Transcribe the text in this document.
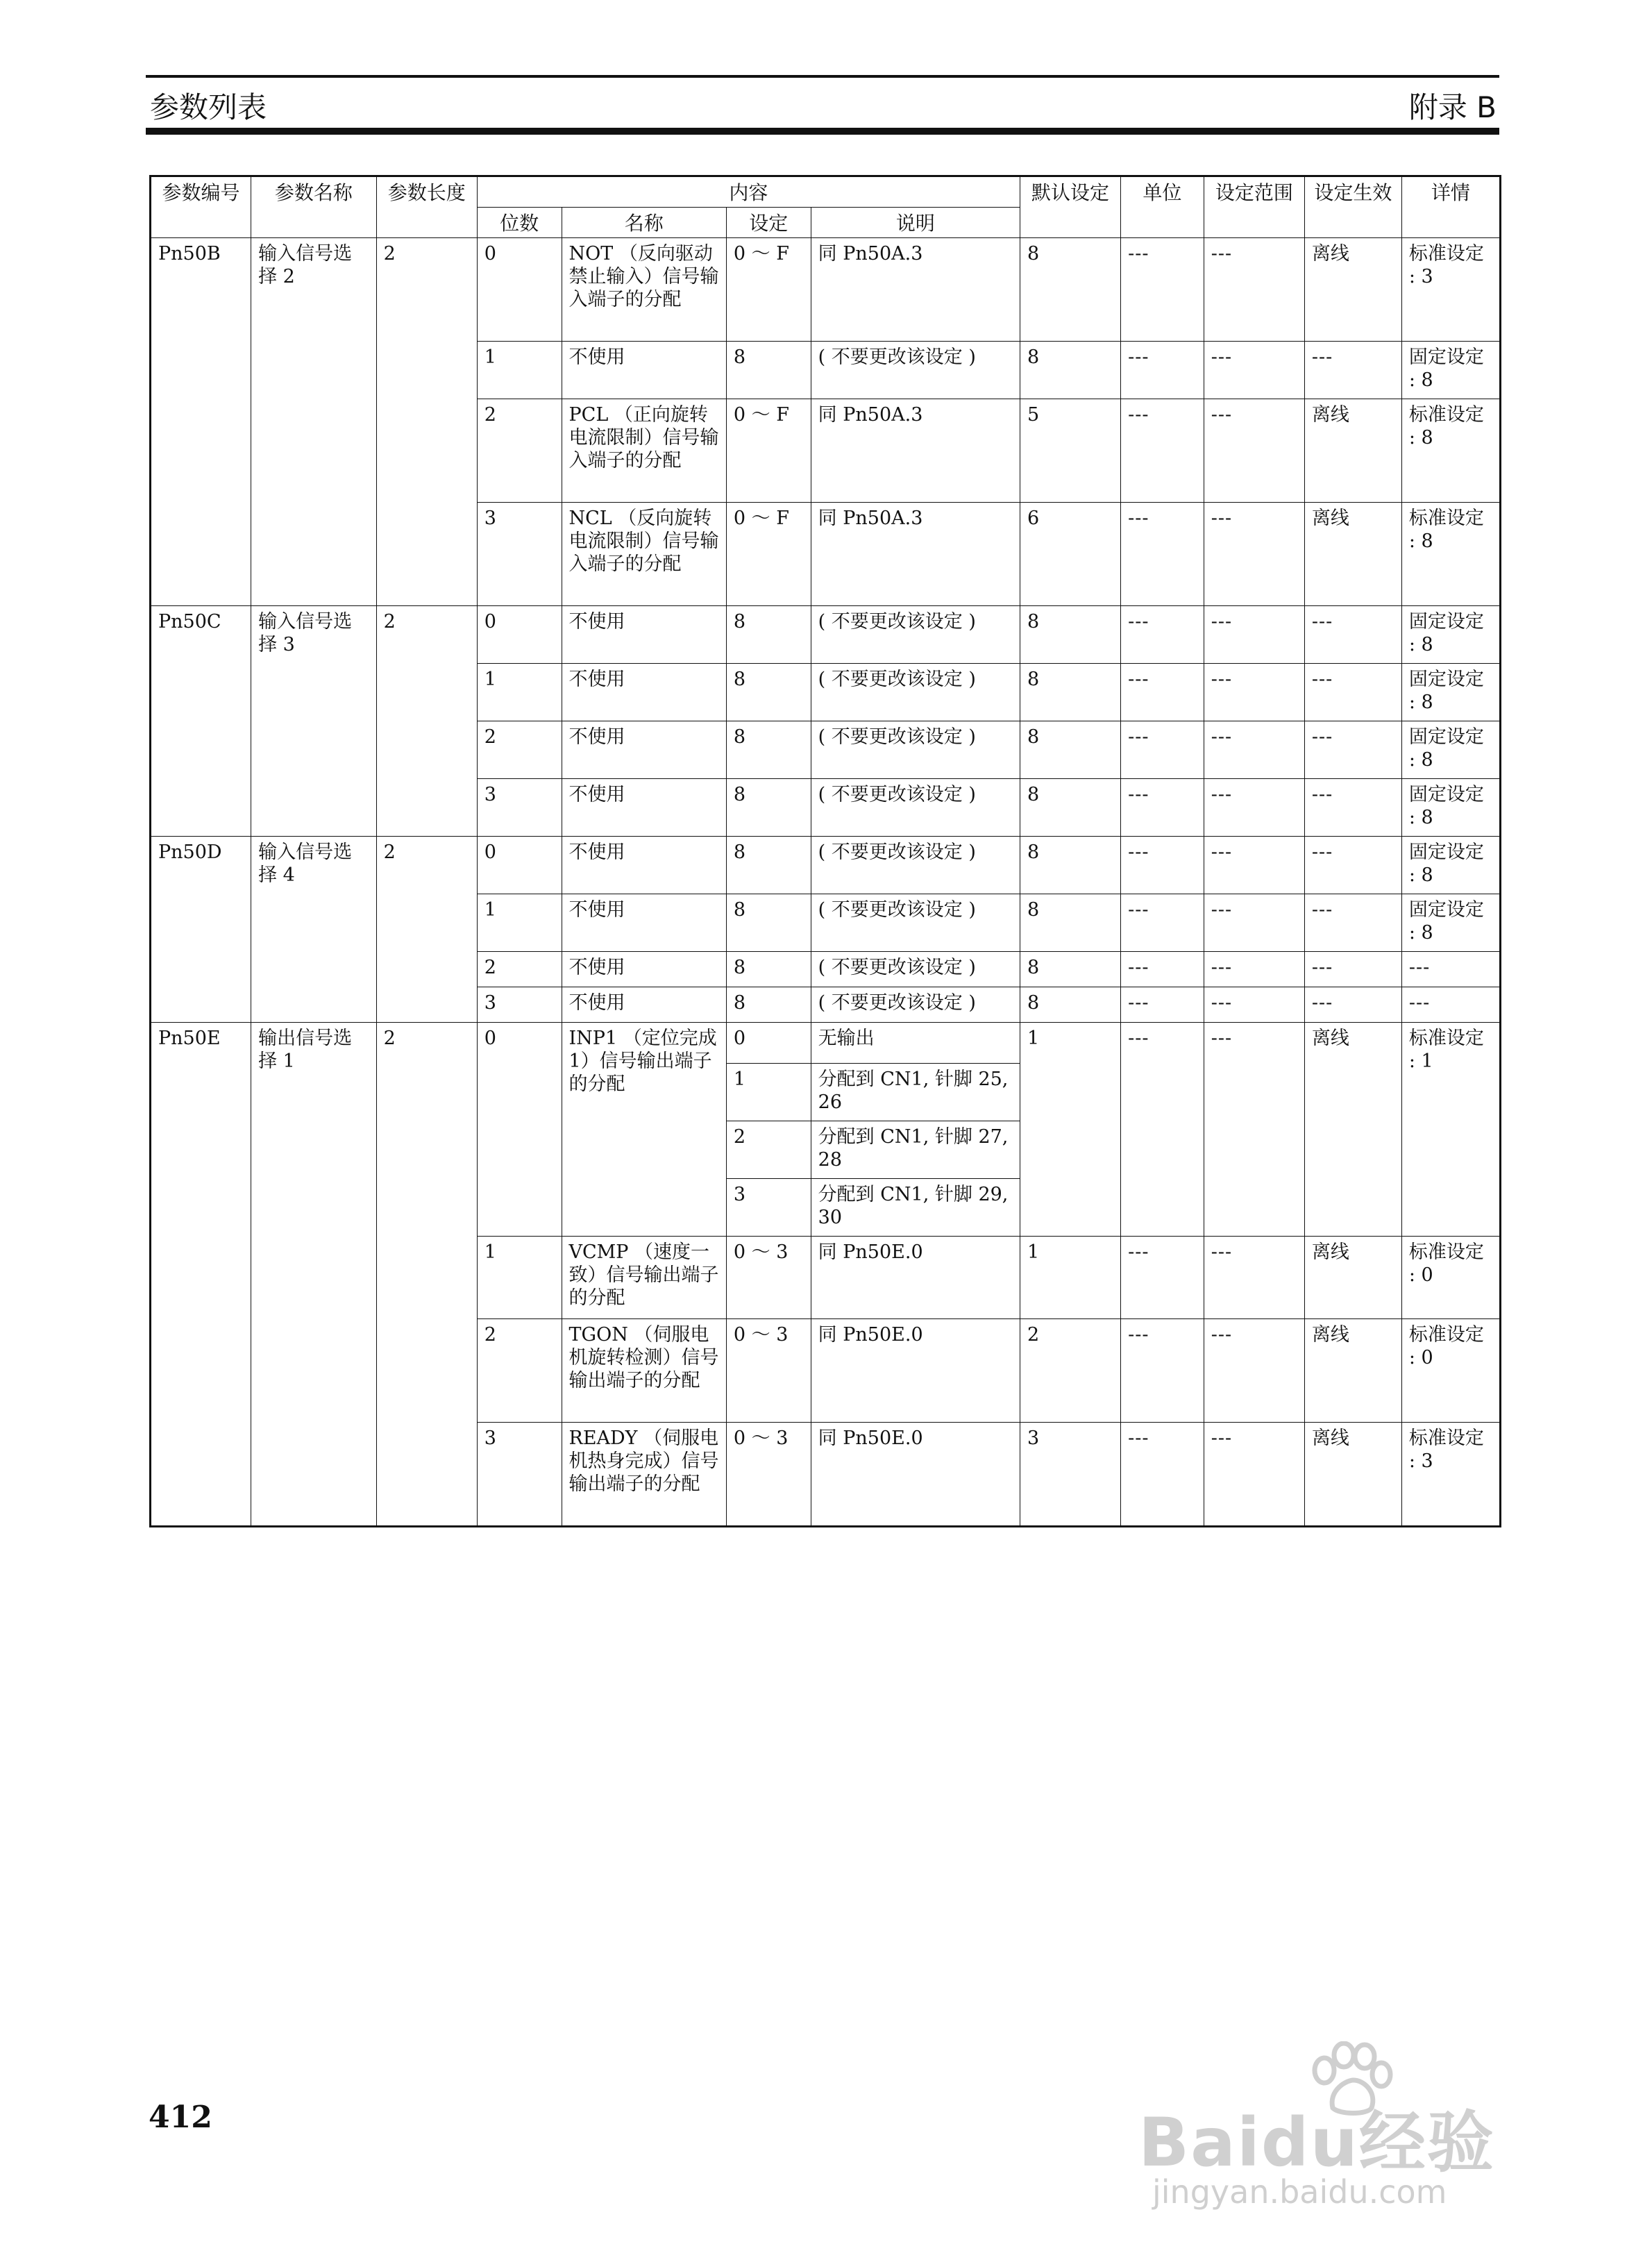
参数列表	附录 B
参数编号	参数名称	参数长度	内容				默认设定	单位	设定范围	设定生效	详情
			位数	名称	设定	说明					
Pn50B	输入信号选择 2	2	0	NOT （反向驱动禁止输入）信号输入端子的分配	0 ～ F	同 Pn50A.3	8	---	---	离线	标准设定 : 3
			1	不使用	8	( 不要更改该设定 )	8	---	---	---	固定设定 : 8
			2	PCL （正向旋转电流限制）信号输入端子的分配	0 ～ F	同 Pn50A.3	5	---	---	离线	标准设定 : 8
			3	NCL （反向旋转电流限制）信号输入端子的分配	0 ～ F	同 Pn50A.3	6	---	---	离线	标准设定 : 8
Pn50C	输入信号选择 3	2	0	不使用	8	( 不要更改该设定 )	8	---	---	---	固定设定 : 8
			1	不使用	8	( 不要更改该设定 )	8	---	---	---	固定设定 : 8
			2	不使用	8	( 不要更改该设定 )	8	---	---	---	固定设定 : 8
			3	不使用	8	( 不要更改该设定 )	8	---	---	---	固定设定 : 8
Pn50D	输入信号选择 4	2	0	不使用	8	( 不要更改该设定 )	8	---	---	---	固定设定 : 8
			1	不使用	8	( 不要更改该设定 )	8	---	---	---	固定设定 : 8
			2	不使用	8	( 不要更改该设定 )	8	---	---	---	---
			3	不使用	8	( 不要更改该设定 )	8	---	---	---	---
Pn50E	输出信号选择 1	2	0	INP1 （定位完成 1）信号输出端子的分配	0	无输出	1	---	---	离线	标准设定 : 1
					1	分配到 CN1, 针脚 25, 26					
					2	分配到 CN1, 针脚 27, 28					
					3	分配到 CN1, 针脚 29, 30					
			1	VCMP （速度一致）信号输出端子的分配	0 ～ 3	同 Pn50E.0	1	---	---	离线	标准设定 : 0
			2	TGON （伺服电机旋转检测）信号输出端子的分配	0 ～ 3	同 Pn50E.0	2	---	---	离线	标准设定 : 0
			3	READY （伺服电机热身完成）信号输出端子的分配	0 ～ 3	同 Pn50E.0	3	---	---	离线	标准设定 : 3
412	Baidu经验
jingyan.baidu.com
